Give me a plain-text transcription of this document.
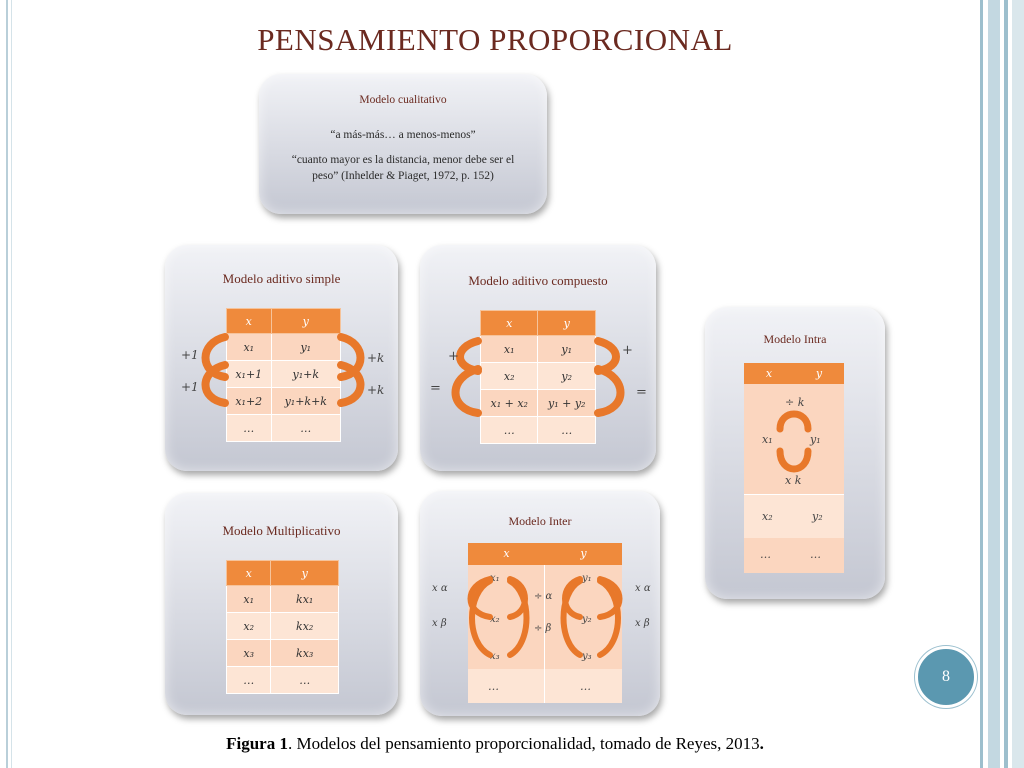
PENSAMIENTO PROPORCIONAL
Modelo cualitativo
“a más-más… a menos-menos”
“cuanto mayor es la distancia, menor debe ser el
peso” (Inhelder & Piaget, 1972, p. 152)
Modelo aditivo simple
x	y
x₁	y₁
x₁+1	y₁+k
x₁+2	y₁+k+k
…	…
+1
+1
+k
+k
Modelo aditivo compuesto
x	y
x₁	y₁
x₂	y₂
x₁ + x₂	y₁ + y₂
…	…
+
=
+
=
Modelo Intra
x	y
÷ k
x₁	y₁
x k
x₂	y₂
…	…
Modelo Multiplicativo
x	y
x₁	kx₁
x₂	kx₂
x₃	kx₃
…	…
Modelo Inter
x	y
x₁	y₁
x₂	y₂
x₃	y₃
…	…
÷ α
÷ β
x α
x β
x α
x β
8
Figura 1. Modelos del pensamiento proporcionalidad, tomado de Reyes, 2013.
